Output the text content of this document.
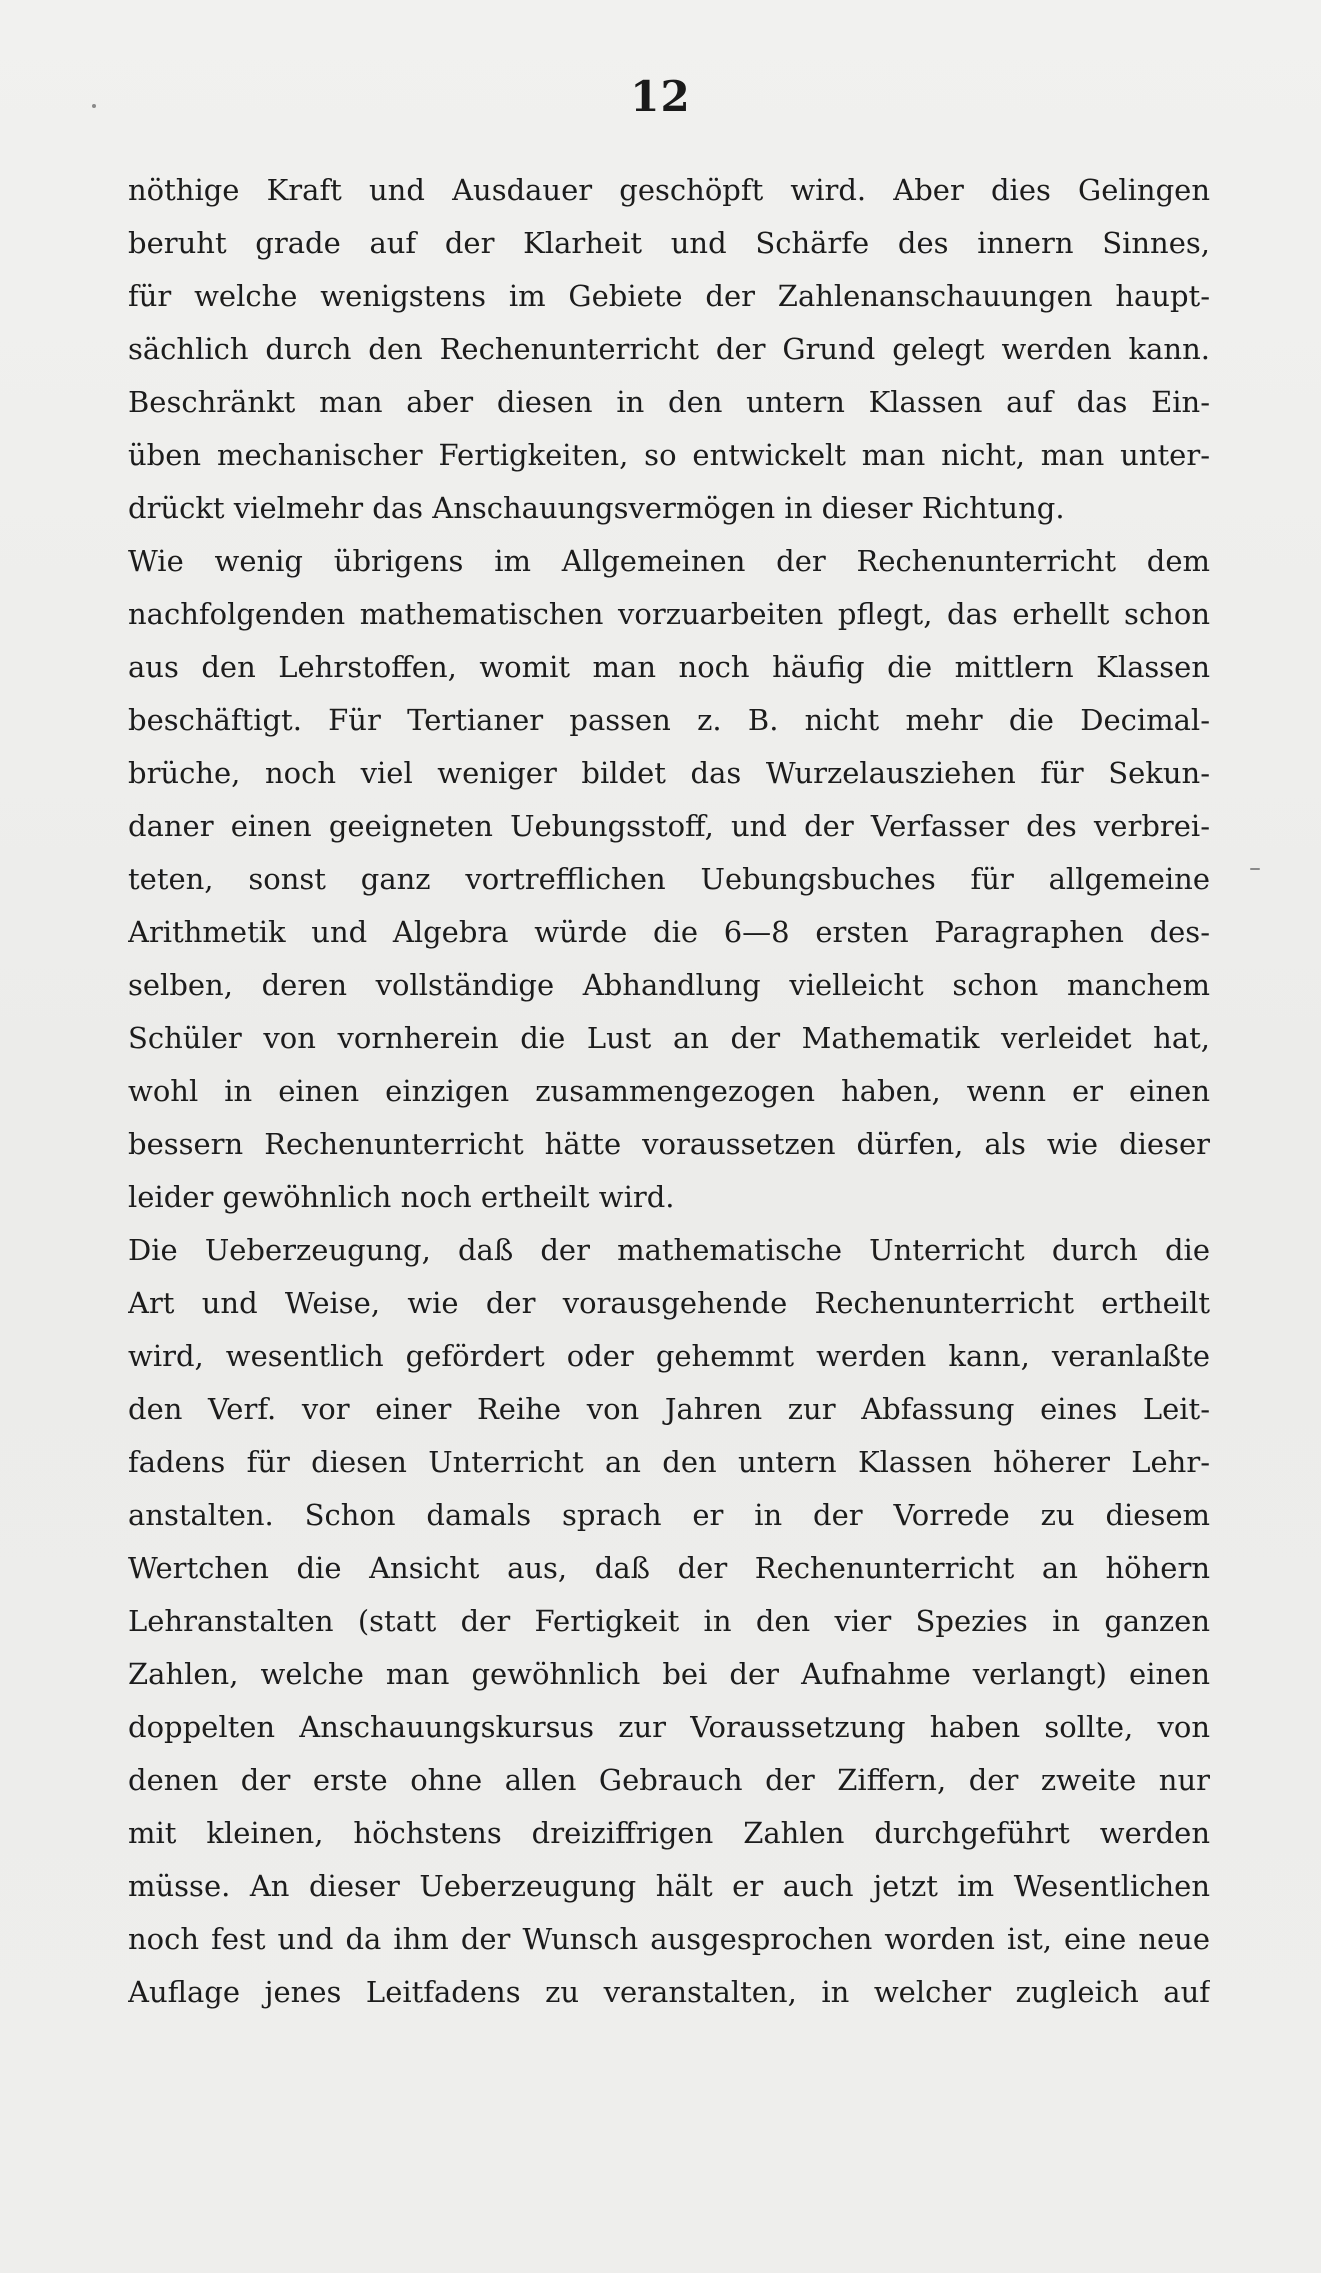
12
nöthige Kraft und Ausdauer geschöpft wird. Aber dies Gelingen
beruht grade auf der Klarheit und Schärfe des innern Sinnes,
für welche wenigstens im Gebiete der Zahlenanschauungen haupt-
sächlich durch den Rechenunterricht der Grund gelegt werden kann.
Beschränkt man aber diesen in den untern Klassen auf das Ein-
üben mechanischer Fertigkeiten, so entwickelt man nicht, man unter-
drückt vielmehr das Anschauungsvermögen in dieser Richtung.
Wie wenig übrigens im Allgemeinen der Rechenunterricht dem
nachfolgenden mathematischen vorzuarbeiten pflegt, das erhellt schon
aus den Lehrstoffen, womit man noch häufig die mittlern Klassen
beschäftigt. Für Tertianer passen z. B. nicht mehr die Decimal-
brüche, noch viel weniger bildet das Wurzelausziehen für Sekun-
daner einen geeigneten Uebungsstoff, und der Verfasser des verbrei-
teten, sonst ganz vortrefflichen Uebungsbuches für allgemeine
Arithmetik und Algebra würde die 6—8 ersten Paragraphen des-
selben, deren vollständige Abhandlung vielleicht schon manchem
Schüler von vornherein die Lust an der Mathematik verleidet hat,
wohl in einen einzigen zusammengezogen haben, wenn er einen
bessern Rechenunterricht hätte voraussetzen dürfen, als wie dieser
leider gewöhnlich noch ertheilt wird.
Die Ueberzeugung, daß der mathematische Unterricht durch die
Art und Weise, wie der vorausgehende Rechenunterricht ertheilt
wird, wesentlich gefördert oder gehemmt werden kann, veranlaßte
den Verf. vor einer Reihe von Jahren zur Abfassung eines Leit-
fadens für diesen Unterricht an den untern Klassen höherer Lehr-
anstalten. Schon damals sprach er in der Vorrede zu diesem
Wertchen die Ansicht aus, daß der Rechenunterricht an höhern
Lehranstalten (statt der Fertigkeit in den vier Spezies in ganzen
Zahlen, welche man gewöhnlich bei der Aufnahme verlangt) einen
doppelten Anschauungskursus zur Voraussetzung haben sollte, von
denen der erste ohne allen Gebrauch der Ziffern, der zweite nur
mit kleinen, höchstens dreiziffrigen Zahlen durchgeführt werden
müsse. An dieser Ueberzeugung hält er auch jetzt im Wesentlichen
noch fest und da ihm der Wunsch ausgesprochen worden ist, eine neue
Auflage jenes Leitfadens zu veranstalten, in welcher zugleich auf
